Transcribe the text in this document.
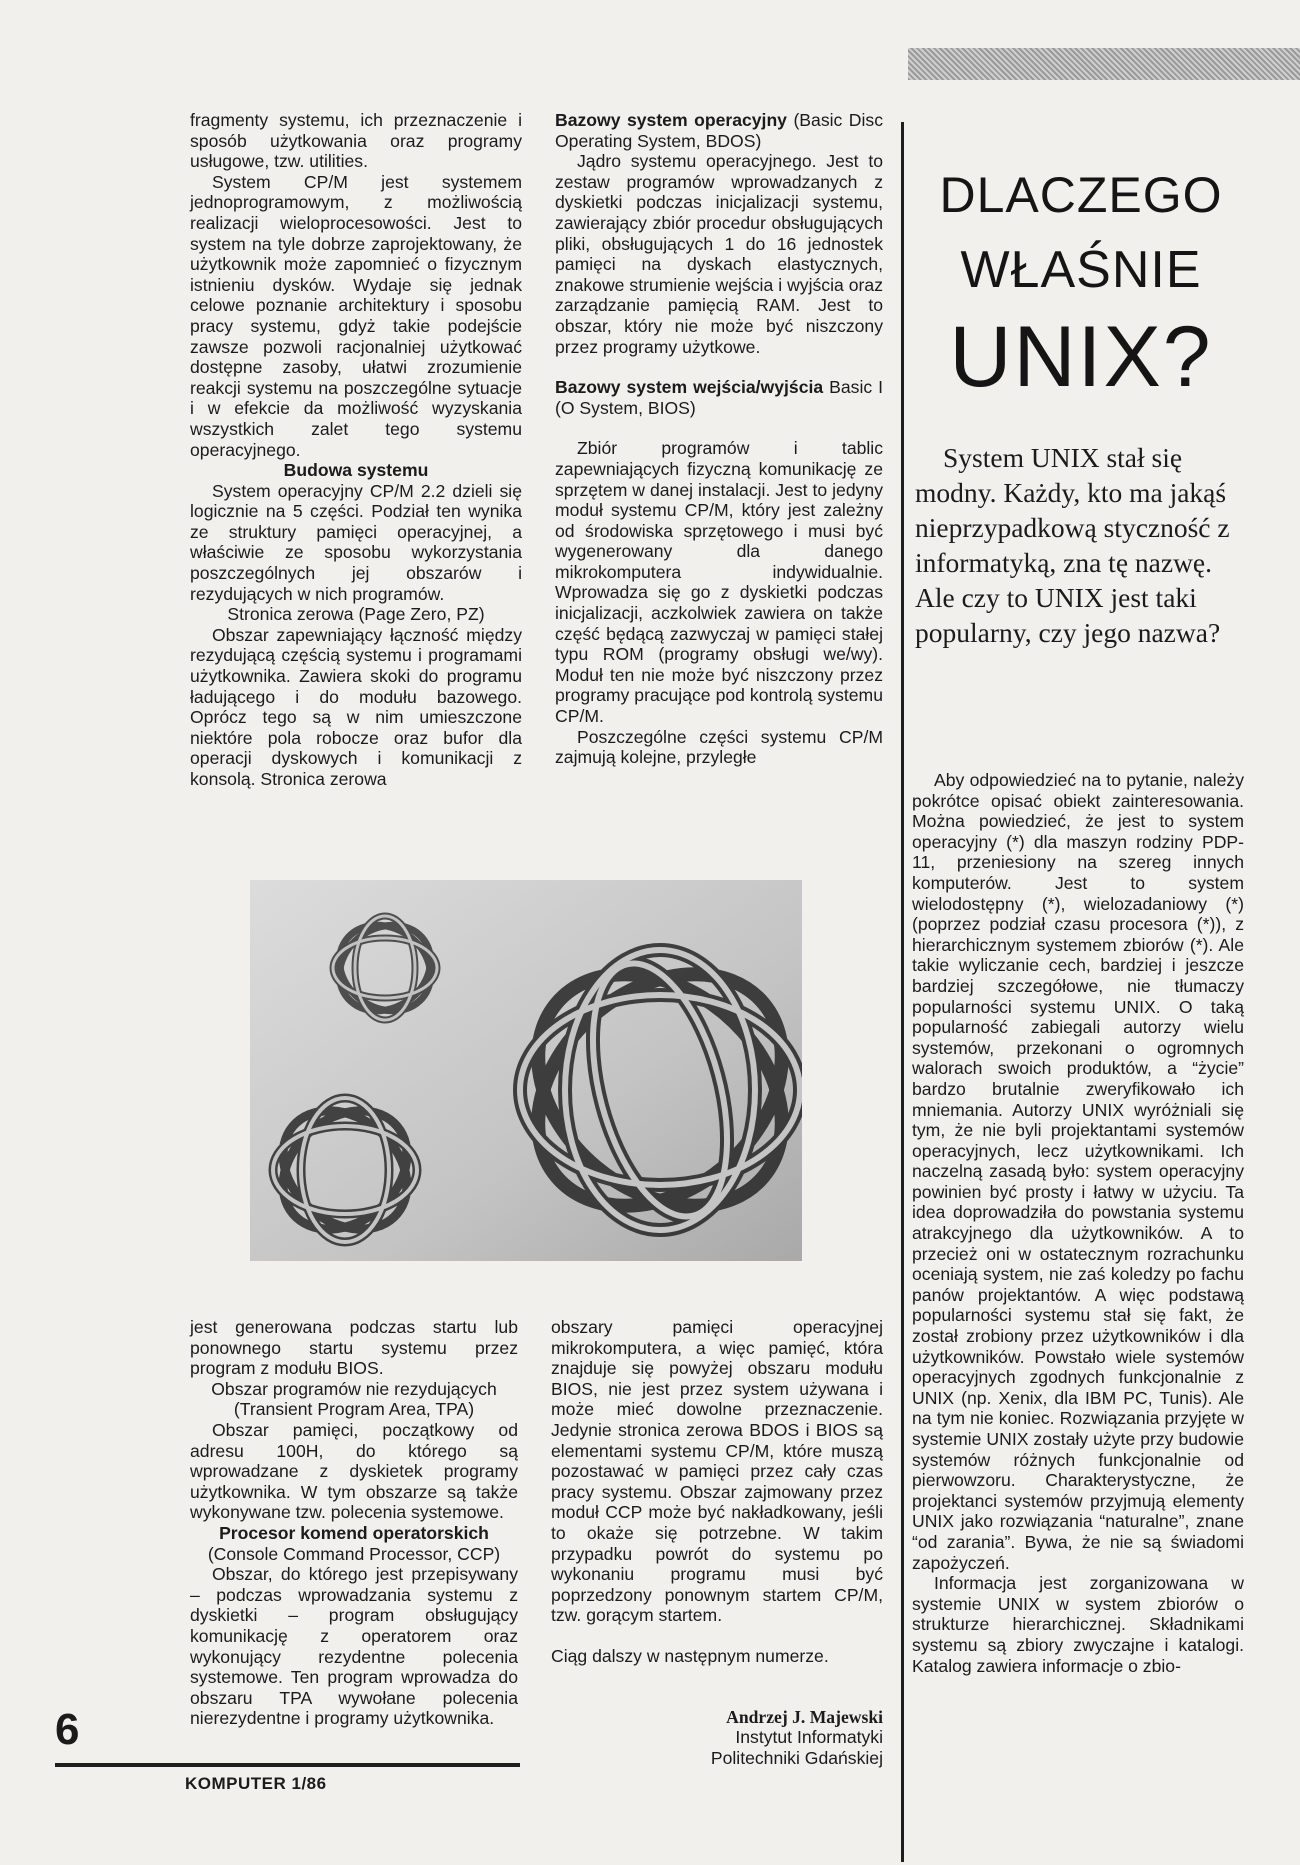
fragmenty systemu, ich przeznaczenie i sposób użytkowania oraz programy usługowe, tzw. utilities.

System CP/M jest systemem jednoprogramowym, z możliwością realizacji wieloprocesowości. Jest to system na tyle dobrze zaprojektowany, że użytkownik może zapomnieć o fizycznym istnieniu dysków. Wydaje się jednak celowe poznanie architektury i sposobu pracy systemu, gdyż takie podejście zawsze pozwoli racjonalniej użytkować dostępne zasoby, ułatwi zrozumienie reakcji systemu na poszczególne sytuacje i w efekcie da możliwość wyzyskania wszystkich zalet tego systemu operacyjnego.

Budowa systemu

System operacyjny CP/M 2.2 dzieli się logicznie na 5 części. Podział ten wynika ze struktury pamięci operacyjnej, a właściwie ze sposobu wykorzystania poszczególnych jej obszarów i rezydujących w nich programów.

Stronica zerowa (Page Zero, PZ)

Obszar zapewniający łączność między rezydującą częścią systemu i programami użytkownika. Zawiera skoki do programu ładującego i do modułu bazowego. Oprócz tego są w nim umieszczone niektóre pola robocze oraz bufor dla operacji dyskowych i komunikacji z konsolą. Stronica zerowa

Bazowy system operacyjny (Basic Disc Operating System, BDOS)

Jądro systemu operacyjnego. Jest to zestaw programów wprowadzanych z dyskietki podczas inicjalizacji systemu, zawierający zbiór procedur obsługujących pliki, obsługujących 1 do 16 jednostek pamięci na dyskach elastycznych, znakowe strumienie wejścia i wyjścia oraz zarządzanie pamięcią RAM. Jest to obszar, który nie może być niszczony przez programy użytkowe.

Bazowy system wejścia/wyjścia Basic I (O System, BIOS)

Zbiór programów i tablic zapewniających fizyczną komunikację ze sprzętem w danej instalacji. Jest to jedyny moduł systemu CP/M, który jest zależny od środowiska sprzętowego i musi być wygenerowany dla danego mikrokomputera indywidualnie. Wprowadza się go z dyskietki podczas inicjalizacji, aczkolwiek zawiera on także część będącą zazwyczaj w pamięci stałej typu ROM (programy obsługi we/wy). Moduł ten nie może być niszczony przez programy pracujące pod kontrolą systemu CP/M.

Poszczególne części systemu CP/M zajmują kolejne, przyległe

DLACZEGO
WŁAŚNIE
UNIX?

System UNIX stał się modny. Każdy, kto ma jakąś nieprzypadkową styczność z informatyką, zna tę nazwę. Ale czy to UNIX jest taki popularny, czy jego nazwa?

jest generowana podczas startu lub ponownego startu systemu przez program z modułu BIOS.

Obszar programów nie rezydujących (Transient Program Area, TPA)

Obszar pamięci, początkowy od adresu 100H, do którego są wprowadzane z dyskietek programy użytkownika. W tym obszarze są także wykonywane tzw. polecenia systemowe.

Procesor komend operatorskich

(Console Command Processor, CCP)

Obszar, do którego jest przepisywany – podczas wprowadzania systemu z dyskietki – program obsługujący komunikację z operatorem oraz wykonujący rezydentne polecenia systemowe. Ten program wprowadza do obszaru TPA wywołane polecenia nierezydentne i programy użytkownika.

obszary pamięci operacyjnej mikrokomputera, a więc pamięć, która znajduje się powyżej obszaru modułu BIOS, nie jest przez system używana i może mieć dowolne przeznaczenie. Jedynie stronica zerowa BDOS i BIOS są elementami systemu CP/M, które muszą pozostawać w pamięci przez cały czas pracy systemu. Obszar zajmowany przez moduł CCP może być nakładkowany, jeśli to okaże się potrzebne. W takim przypadku powrót do systemu po wykonaniu programu musi być poprzedzony ponownym startem CP/M, tzw. gorącym startem.

Ciąg dalszy w następnym numerze.

Andrzej J. Majewski

Instytut Informatyki

Politechniki Gdańskiej

Aby odpowiedzieć na to pytanie, należy pokrótce opisać obiekt zainteresowania. Można powiedzieć, że jest to system operacyjny (*) dla maszyn rodziny PDP-11, przeniesiony na szereg innych komputerów. Jest to system wielodostępny (*), wielozadaniowy (*) (poprzez podział czasu procesora (*)), z hierarchicznym systemem zbiorów (*). Ale takie wyliczanie cech, bardziej i jeszcze bardziej szczegółowe, nie tłumaczy popularności systemu UNIX. O taką popularność zabiegali autorzy wielu systemów, przekonani o ogromnych walorach swoich produktów, a “życie” bardzo brutalnie zweryfikowało ich mniemania. Autorzy UNIX wyróżniali się tym, że nie byli projektantami systemów operacyjnych, lecz użytkownikami. Ich naczelną zasadą było: system operacyjny powinien być prosty i łatwy w użyciu. Ta idea doprowadziła do powstania systemu atrakcyjnego dla użytkowników. A to przecież oni w ostatecznym rozrachunku oceniają system, nie zaś koledzy po fachu panów projektantów. A więc podstawą popularności systemu stał się fakt, że został zrobiony przez użytkowników i dla użytkowników. Powstało wiele systemów operacyjnych zgodnych funkcjonalnie z UNIX (np. Xenix, dla IBM PC, Tunis). Ale na tym nie koniec. Rozwiązania przyjęte w systemie UNIX zostały użyte przy budowie systemów różnych funkcjonalnie od pierwowzoru. Charakterystyczne, że projektanci systemów przyjmują elementy UNIX jako rozwiązania “naturalne”, znane “od zarania”. Bywa, że nie są świadomi zapożyczeń.

Informacja jest zorganizowana w systemie UNIX w system zbiorów o strukturze hierarchicznej. Składnikami systemu są zbiory zwyczajne i katalogi. Katalog zawiera informacje o zbio-

6
KOMPUTER 1/86
